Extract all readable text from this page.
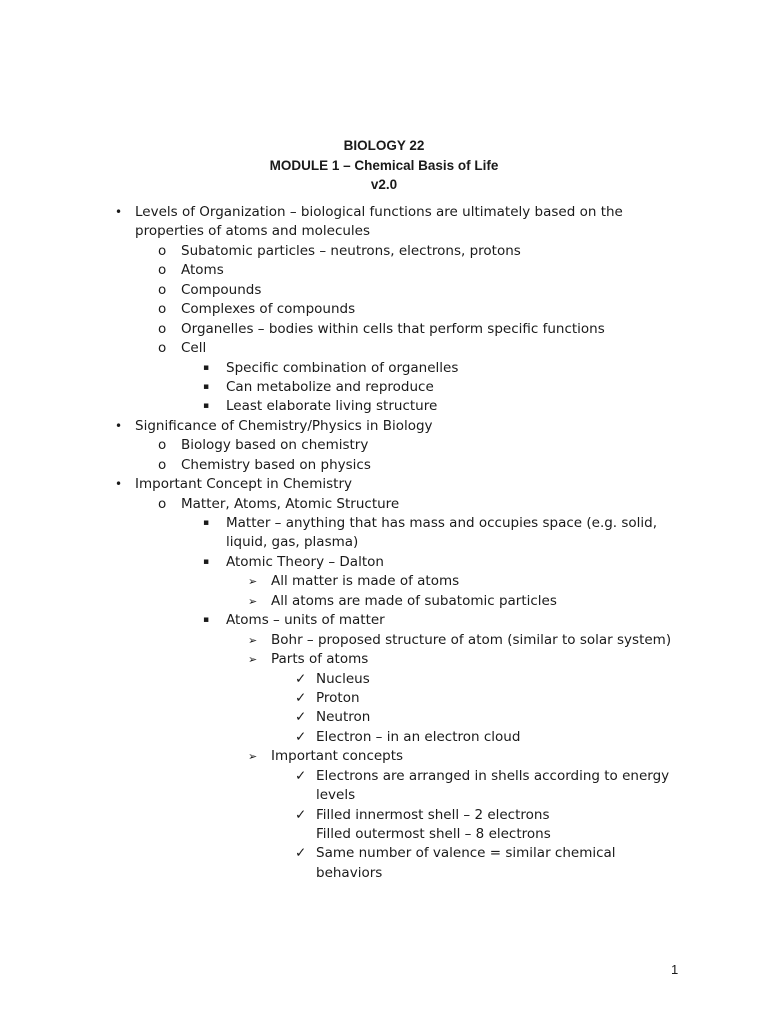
BIOLOGY 22
MODULE 1 – Chemical Basis of Life
v2.0
• Levels of Organization – biological functions are ultimately based on the
properties of atoms and molecules
o Subatomic particles – neutrons, electrons, protons
o Atoms
o Compounds
o Complexes of compounds
o Organelles – bodies within cells that perform specific functions
o Cell
▪ Specific combination of organelles
▪ Can metabolize and reproduce
▪ Least elaborate living structure
• Significance of Chemistry/Physics in Biology
o Biology based on chemistry
o Chemistry based on physics
• Important Concept in Chemistry
o Matter, Atoms, Atomic Structure
▪ Matter – anything that has mass and occupies space (e.g. solid,
liquid, gas, plasma)
▪ Atomic Theory – Dalton
➢ All matter is made of atoms
➢ All atoms are made of subatomic particles
▪ Atoms – units of matter
➢ Bohr – proposed structure of atom (similar to solar system)
➢ Parts of atoms
✓ Nucleus
✓ Proton
✓ Neutron
✓ Electron – in an electron cloud
➢ Important concepts
✓ Electrons are arranged in shells according to energy
levels
✓ Filled innermost shell – 2 electrons
Filled outermost shell – 8 electrons
✓ Same number of valence = similar chemical
behaviors
1
